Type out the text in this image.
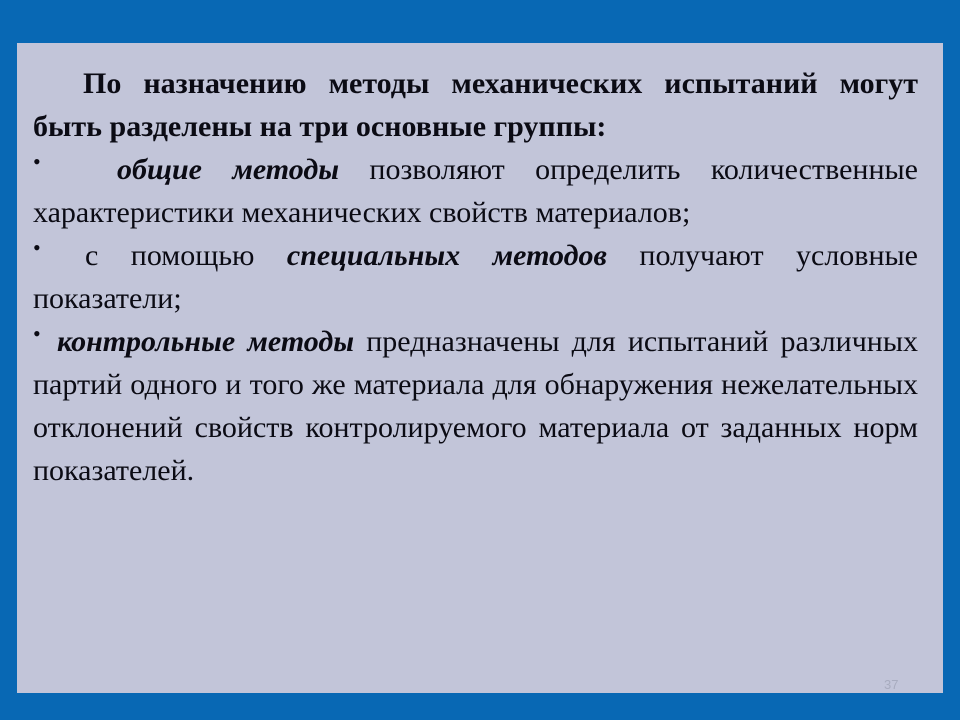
По назначению методы механических испытаний могут быть разделены на три основные группы:

•	общие методы позволяют определить количественные характеристики механических свойств материалов;
•	с помощью специальных методов получают условные показатели;
• контрольные методы предназначены для испытаний различных партий одного и того же материала для обнаружения нежелательных отклонений свойств контролируемого материала от заданных норм показателей.
37
